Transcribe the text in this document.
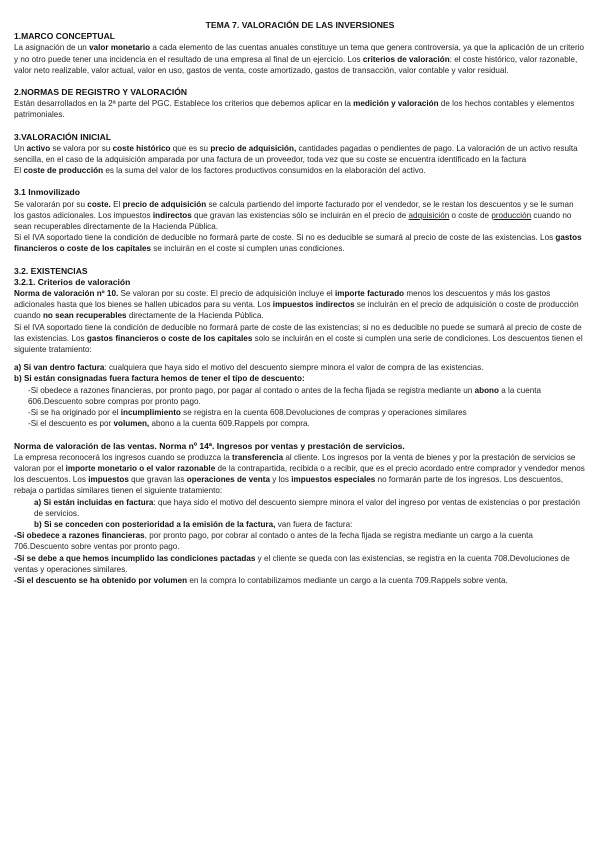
TEMA 7. VALORACIÓN DE LAS INVERSIONES
1.MARCO CONCEPTUAL

La asignación de un valor monetario a cada elemento de las cuentas anuales constituye un tema que genera controversia, ya que la aplicación de un criterio y no otro puede tener una incidencia en el resultado de una empresa al final de un ejercicio. Los criterios de valoración: el coste histórico, valor razonable, valor neto realizable, valor actual, valor en uso, gastos de venta, coste amortizado, gastos de transacción, valor contable y valor residual.

2.NORMAS DE REGISTRO Y VALORACIÓN

Están desarrollados en la 2ª parte del PGC. Establece los criterios que debemos aplicar en la medición y valoración de los hechos contables y elementos patrimoniales.

3.VALORACIÓN INICIAL

Un activo se valora por su coste histórico que es su precio de adquisición, cantidades pagadas o pendientes de pago. La valoración de un activo resulta sencilla, en el caso de la adquisición amparada por una factura de un proveedor, toda vez que su coste se encuentra identificado en la factura

El coste de producción es la suma del valor de los factores productivos consumidos en la elaboración del activo.

3.1 Inmovilizado

Se valorarán por su coste. El precio de adquisición se calcula partiendo del importe facturado por el vendedor, se le restan los descuentos y se le suman los gastos adicionales. Los impuestos indirectos que gravan las existencias sólo se incluirán en el precio de adquisición o coste de producción cuando no sean recuperables directamente de la Hacienda Pública.

Si el IVA soportado tiene la condición de deducible no formará parte de coste. Si no es deducible se sumará al precio de coste de las existencias. Los gastos financieros o coste de los capitales se incluirán en el coste si cumplen unas condiciones.

3.2. EXISTENCIAS
3.2.1. Criterios de valoración

Norma de valoración nº 10. Se valoran por su coste. El precio de adquisición incluye el importe facturado menos los descuentos y más los gastos adicionales hasta que los bienes se hallen ubicados para su venta. Los impuestos indirectos se incluirán en el precio de adquisición o coste de producción cuando no sean recuperables directamente de la Hacienda Pública.

Si el IVA soportado tiene la condición de deducible no formará parte de coste de las existencias; si no es deducible no puede se sumará al precio de coste de las existencias. Los gastos financieros o coste de los capitales solo se incluirán en el coste si cumplen una serie de condiciones. Los descuentos tienen el siguiente tratamiento:

a) Si van dentro factura: cualquiera que haya sido el motivo del descuento siempre minora el valor de compra de las existencias.

b) Si están consignadas fuera factura hemos de tener el tipo de descuento:

-Si obedece a razones financieras, por pronto pago, por pagar al contado o antes de la fecha fijada se registra mediante un abono a la cuenta 606.Descuento sobre compras por pronto pago.

-Si se ha originado por el incumplimiento se registra en la cuenta 608.Devoluciones de compras y operaciones similares

-Si el descuento es por volumen, abono a la cuenta 609.Rappels por compra.

Norma de valoración de las ventas. Norma nº 14ª. Ingresos por ventas y prestación de servicios.

La empresa reconocerá los ingresos cuando se produzca la transferencia al cliente. Los ingresos por la venta de bienes y por la prestación de servicios se valoran por el importe monetario o el valor razonable de la contrapartida, recibida o a recibir, que es el precio acordado entre comprador y vendedor menos los descuentos. Los impuestos que gravan las operaciones de venta y los impuestos especiales no formarán parte de los ingresos. Los descuentos, rebaja o partidas similares tienen el siguiente tratamiento:

a) Si están incluidas en factura: que haya sido el motivo del descuento siempre minora el valor del ingreso por ventas de existencias o por prestación de servicios.

b) Si se conceden con posterioridad a la emisión de la factura, van fuera de factura:

-Si obedece a razones financieras, por pronto pago, por cobrar al contado o antes de la fecha fijada se registra mediante un cargo a la cuenta 706.Descuento sobre ventas por pronto pago.

-Si se debe a que hemos incumplido las condiciones pactadas y el cliente se queda con las existencias, se registra en la cuenta 708.Devoluciones de ventas y operaciones similares.

-Si el descuento se ha obtenido por volumen en la compra lo contabilizamos mediante un cargo a la cuenta 709.Rappels sobre venta.
